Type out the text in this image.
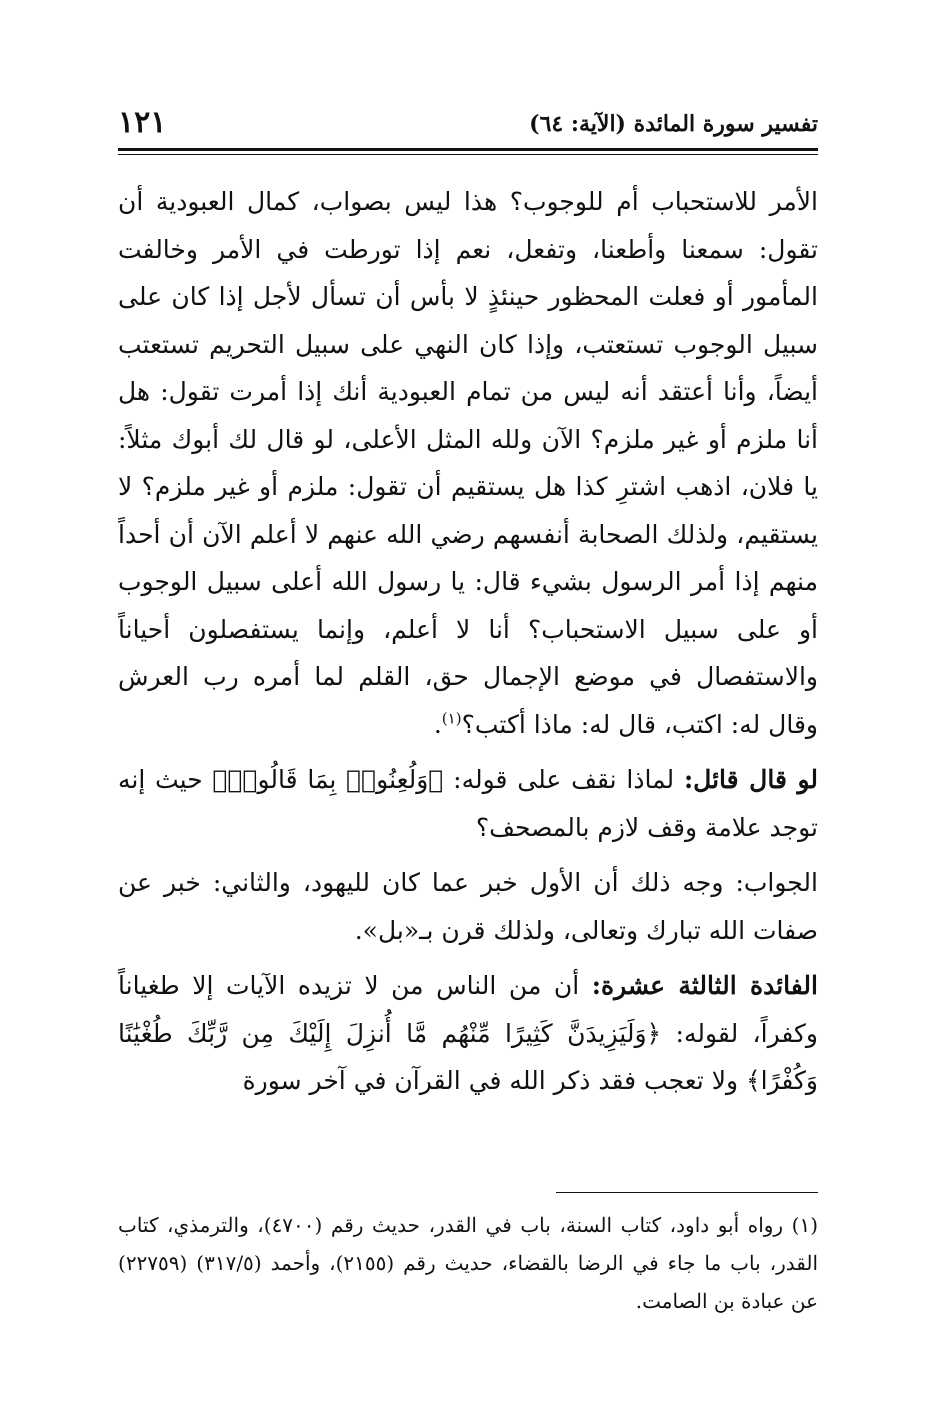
تفسير سورة المائدة (الآية: ٦٤)
١٢١

الأمر للاستحباب أم للوجوب؟ هذا ليس بصواب، كمال العبودية أن تقول: سمعنا وأطعنا، وتفعل، نعم إذا تورطت في الأمر وخالفت المأمور أو فعلت المحظور حينئذٍ لا بأس أن تسأل لأجل إذا كان على سبيل الوجوب تستعتب، وإذا كان النهي على سبيل التحريم تستعتب أيضاً، وأنا أعتقد أنه ليس من تمام العبودية أنك إذا أمرت تقول: هل أنا ملزم أو غير ملزم؟ الآن ولله المثل الأعلى، لو قال لك أبوك مثلاً: يا فلان، اذهب اشترِ كذا هل يستقيم أن تقول: ملزم أو غير ملزم؟ لا يستقيم، ولذلك الصحابة أنفسهم رضي الله عنهم لا أعلم الآن أن أحداً منهم إذا أمر الرسول بشيء قال: يا رسول الله أعلى سبيل الوجوب أو على سبيل الاستحباب؟ أنا لا أعلم، وإنما يستفصلون أحياناً والاستفصال في موضع الإجمال حق، القلم لما أمره رب العرش وقال له: اكتب، قال له: ماذا أكتب؟$^{(١)}$.

لو قال قائل: لماذا نقف على قوله: ﴿وَلُعِنُوا۟ بِمَا قَالُوا۟﴾ حيث إنه توجد علامة وقف لازم بالمصحف؟

الجواب: وجه ذلك أن الأول خبر عما كان لليهود، والثاني: خبر عن صفات الله تبارك وتعالى، ولذلك قرن بـ«بل».

الفائدة الثالثة عشرة: أن من الناس من لا تزيده الآيات إلا طغياناً وكفراً، لقوله: ﴿وَلَيَزِيدَنَّ كَثِيرًا مِّنْهُم مَّا أُنزِلَ إِلَيْكَ مِن رَّبِّكَ طُغْيَٰنًا وَكُفْرًا﴾ ولا تعجب فقد ذكر الله في القرآن في آخر سورة

(١) رواه أبو داود، كتاب السنة، باب في القدر، حديث رقم (٤٧٠٠)، والترمذي، كتاب القدر، باب ما جاء في الرضا بالقضاء، حديث رقم (٢١٥٥)، وأحمد (٣١٧/٥) (٢٢٧٥٩) عن عبادة بن الصامت.
